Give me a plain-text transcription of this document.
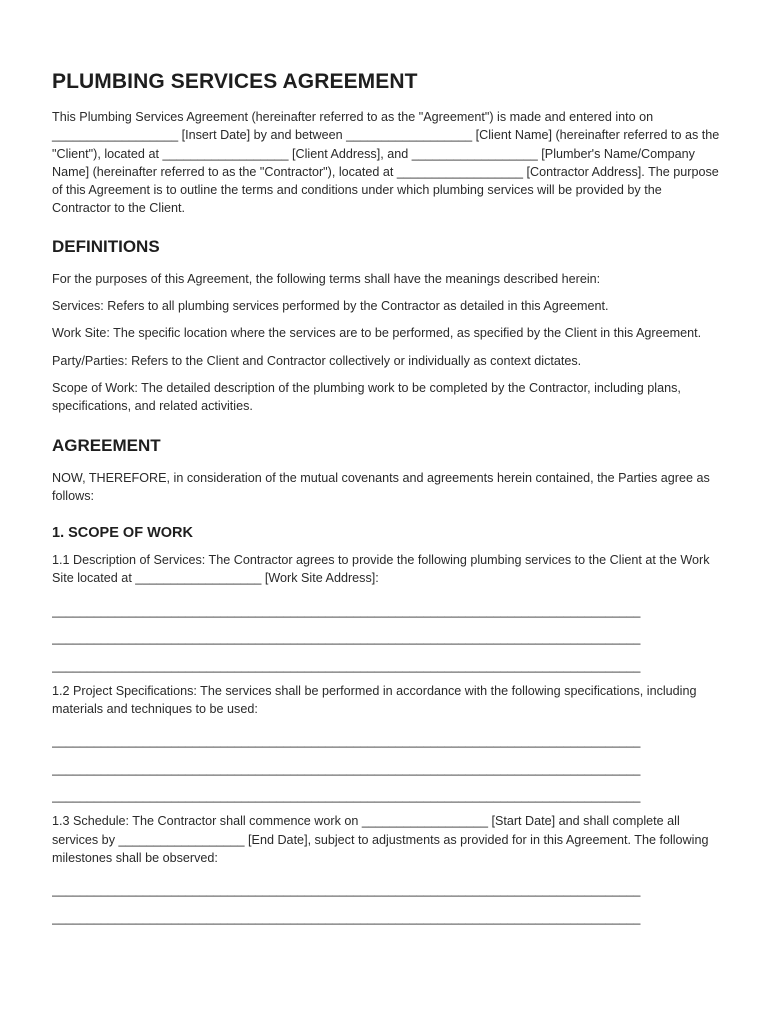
PLUMBING SERVICES AGREEMENT

This Plumbing Services Agreement (hereinafter referred to as the "Agreement") is made and entered into on __________________ [Insert Date] by and between __________________ [Client Name] (hereinafter referred to as the "Client"), located at __________________ [Client Address], and __________________ [Plumber's Name/Company Name] (hereinafter referred to as the "Contractor"), located at __________________ [Contractor Address]. The purpose of this Agreement is to outline the terms and conditions under which plumbing services will be provided by the Contractor to the Client.

DEFINITIONS

For the purposes of this Agreement, the following terms shall have the meanings described herein:

Services: Refers to all plumbing services performed by the Contractor as detailed in this Agreement.

Work Site: The specific location where the services are to be performed, as specified by the Client in this Agreement.

Party/Parties: Refers to the Client and Contractor collectively or individually as context dictates.

Scope of Work: The detailed description of the plumbing work to be completed by the Contractor, including plans, specifications, and related activities.

AGREEMENT

NOW, THEREFORE, in consideration of the mutual covenants and agreements herein contained, the Parties agree as follows:

1. SCOPE OF WORK

1.1 Description of Services: The Contractor agrees to provide the following plumbing services to the Client at the Work Site located at __________________ [Work Site Address]:

____________________________________________________________________________________

____________________________________________________________________________________

____________________________________________________________________________________

1.2 Project Specifications: The services shall be performed in accordance with the following specifications, including materials and techniques to be used:

____________________________________________________________________________________

____________________________________________________________________________________

____________________________________________________________________________________

1.3 Schedule: The Contractor shall commence work on __________________ [Start Date] and shall complete all services by __________________ [End Date], subject to adjustments as provided for in this Agreement. The following milestones shall be observed:

____________________________________________________________________________________

____________________________________________________________________________________
